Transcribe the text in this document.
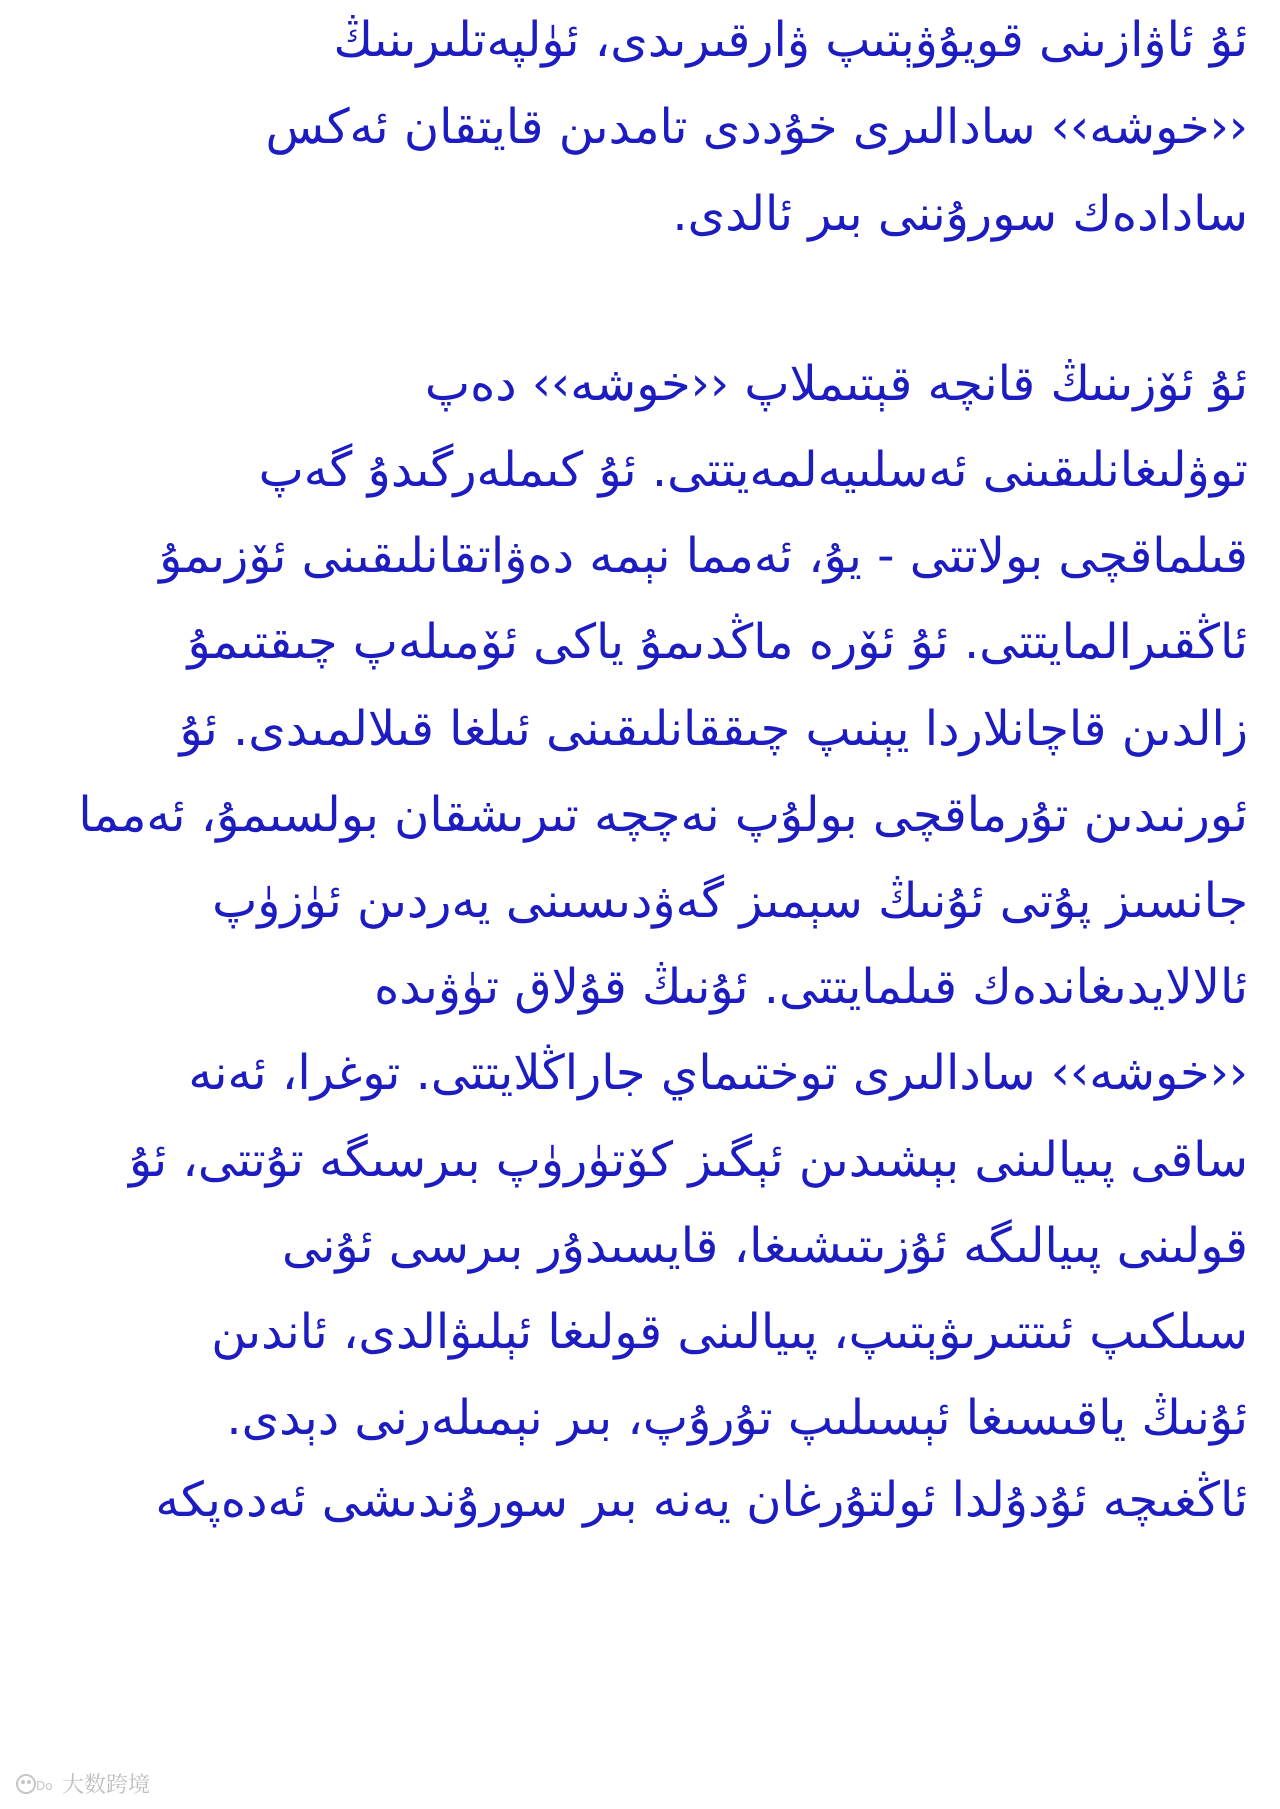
ئۇ ئاۋازىنى قويۇۋېتىپ ۋارقىرىدى، ئۈلپەتلىرىنىڭ
‹‹خوشە›› سادالىرى خۇددى تامدىن قايتقان ئەكس
سادادەك سورۇننى بىر ئالدى.
ئۇ ئۆزىنىڭ قانچە قېتىملاپ ‹‹خوشە›› دەپ
توۋلىغانلىقىنى ئەسلىيەلمەيتتى. ئۇ كىملەرگىدۇ گەپ
قىلماقچى بولاتتى - يۇ، ئەمما نېمە دەۋاتقانلىقىنى ئۆزىمۇ
ئاڭقىرالمايتتى. ئۇ ئۆرە ماڭدىمۇ ياكى ئۆمىلەپ چىقتىمۇ
زالدىن قاچانلاردا يېنىپ چىققانلىقىنى ئىلغا قىلالمىدى. ئۇ
ئورنىدىن تۇرماقچى بولۇپ نەچچە تىرىشقان بولسىمۇ، ئەمما
جانسىز پۇتى ئۇنىڭ سېمىز گەۋدىسىنى يەردىن ئۈزۈپ
ئالالايدىغاندەك قىلمايتتى. ئۇنىڭ قۇلاق تۈۋىدە
‹‹خوشە›› سادالىرى توختىماي جاراڭلايتتى. توغرا، ئەنە
ساقى پىيالىنى بېشىدىن ئېگىز كۆتۈرۈپ بىرسىگە تۇتتى، ئۇ
قولىنى پىيالىگە ئۇزىتىشىغا، قايسىدۇر بىرسى ئۇنى
سىلكىپ ئىتتىرىۋېتىپ، پىيالىنى قولىغا ئېلىۋالدى، ئاندىن
ئۇنىڭ ياقىسىغا ئېسىلىپ تۇرۇپ، بىر نېمىلەرنى دېدى.
ئاڭغىچە ئۇدۇلدا ئولتۇرغان يەنە بىر سورۇندىشى ئەدەپكە
Do 大数跨境
